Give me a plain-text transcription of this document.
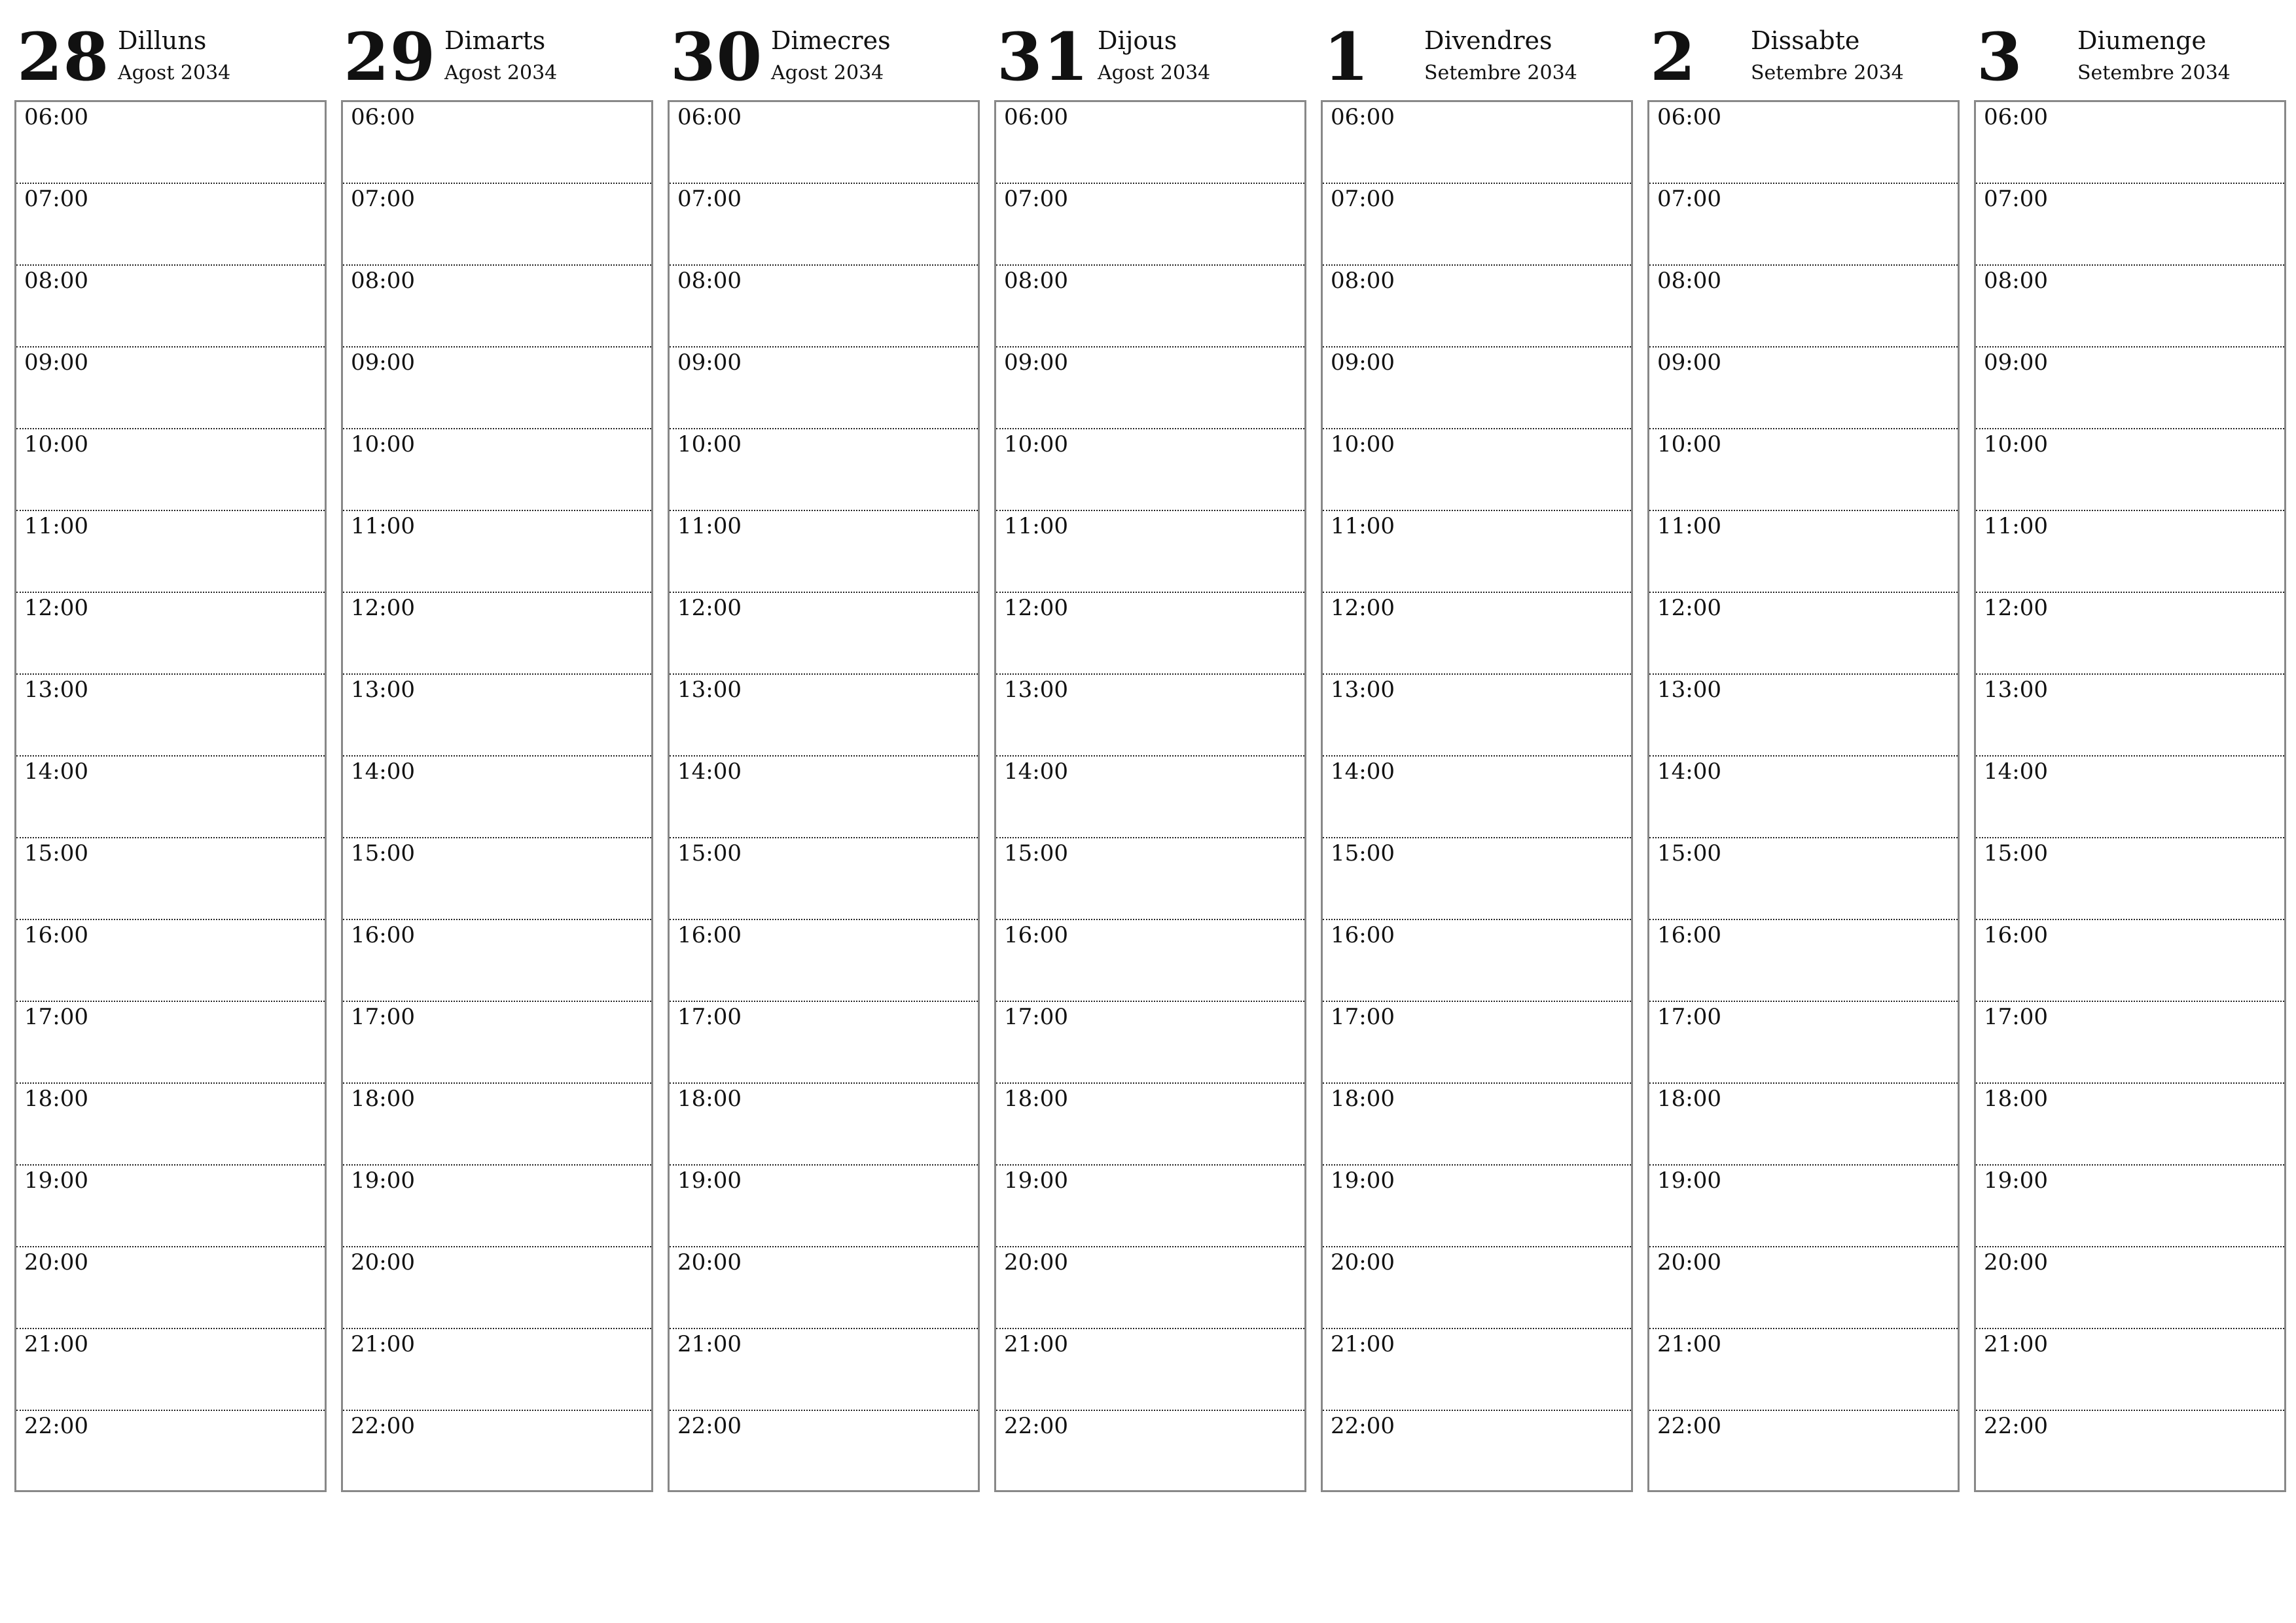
28 Dilluns
Agost 2034
06:00
07:00
08:00
09:00
10:00
11:00
12:00
13:00
14:00
15:00
16:00
17:00
18:00
19:00
20:00
21:00
22:00
29 Dimarts
Agost 2034
06:00
07:00
08:00
09:00
10:00
11:00
12:00
13:00
14:00
15:00
16:00
17:00
18:00
19:00
20:00
21:00
22:00
30 Dimecres
Agost 2034
06:00
07:00
08:00
09:00
10:00
11:00
12:00
13:00
14:00
15:00
16:00
17:00
18:00
19:00
20:00
21:00
22:00
31 Dijous
Agost 2034
06:00
07:00
08:00
09:00
10:00
11:00
12:00
13:00
14:00
15:00
16:00
17:00
18:00
19:00
20:00
21:00
22:00
1 Divendres
Setembre 2034
06:00
07:00
08:00
09:00
10:00
11:00
12:00
13:00
14:00
15:00
16:00
17:00
18:00
19:00
20:00
21:00
22:00
2 Dissabte
Setembre 2034
06:00
07:00
08:00
09:00
10:00
11:00
12:00
13:00
14:00
15:00
16:00
17:00
18:00
19:00
20:00
21:00
22:00
3 Diumenge
Setembre 2034
06:00
07:00
08:00
09:00
10:00
11:00
12:00
13:00
14:00
15:00
16:00
17:00
18:00
19:00
20:00
21:00
22:00
